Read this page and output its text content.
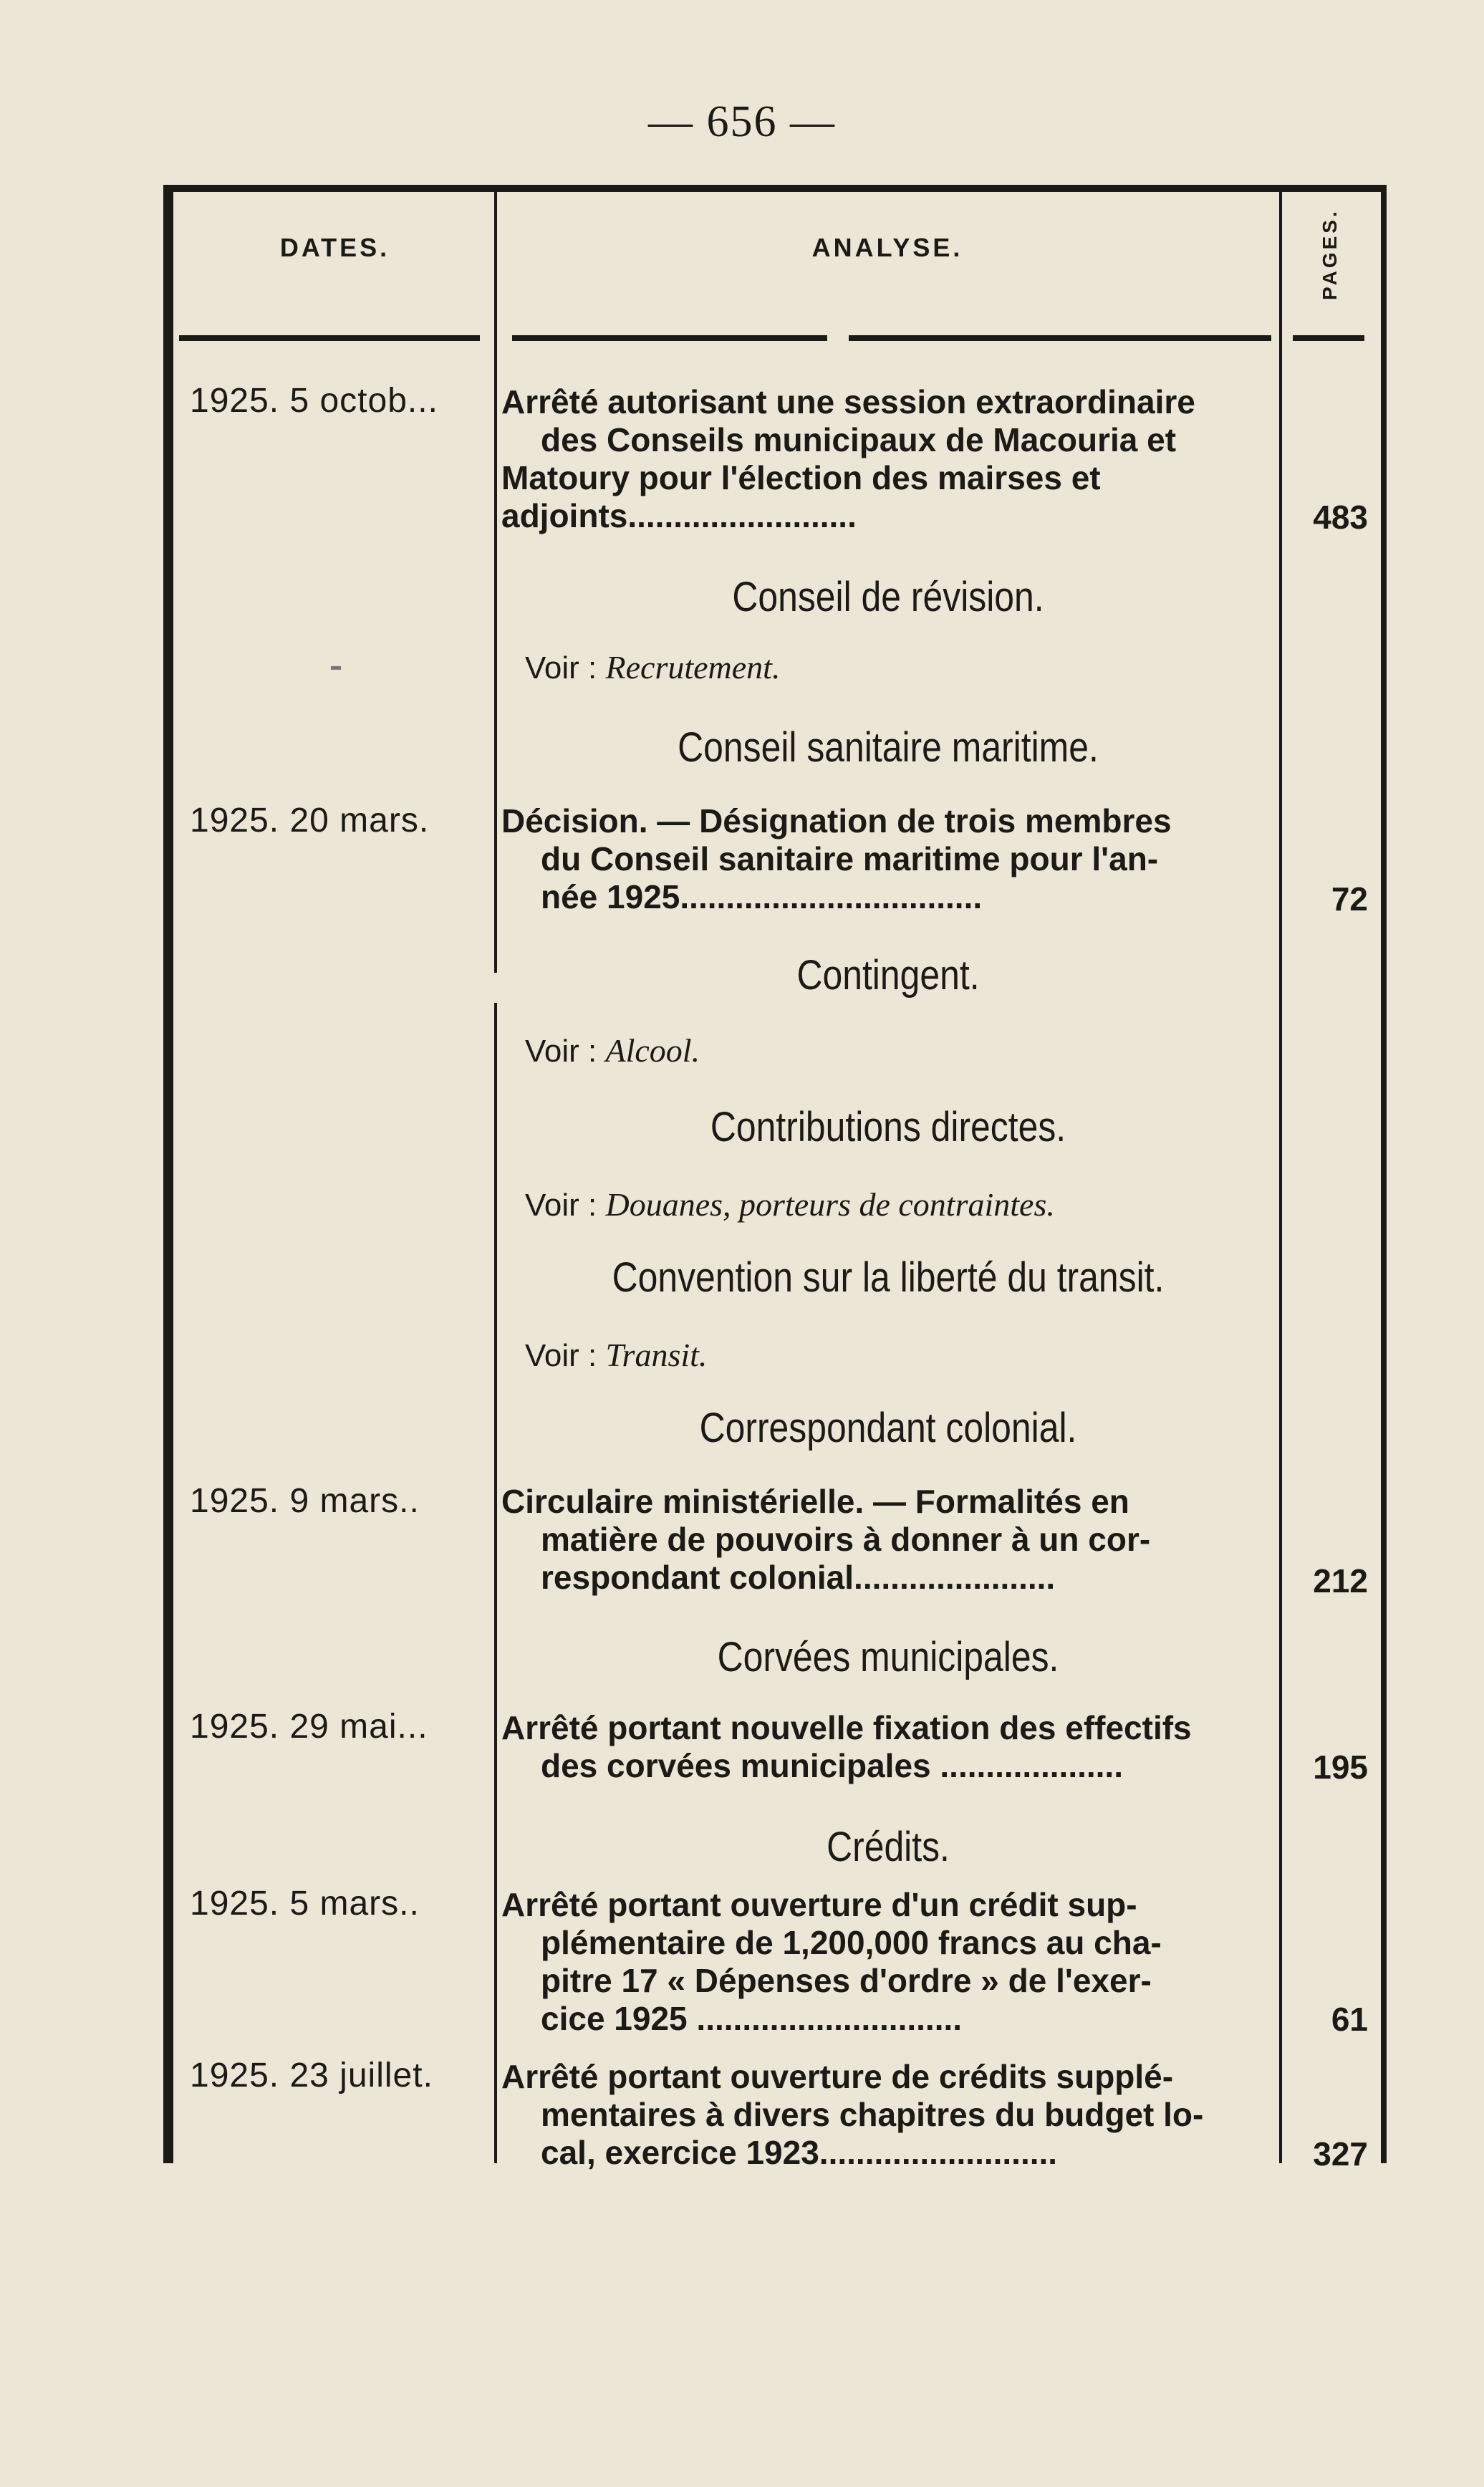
— 656 —
DATES.	ANALYSE.	PAGES.
1925. 5 octob...	Arrêté autorisant une session extraordinaire
des Conseils municipaux de Macouria et
Matoury pour l'élection des mairses et
adjoints.........................	483
Conseil de révision.
Voir : Recrutement.
Conseil sanitaire maritime.
1925. 20 mars.	Décision. — Désignation de trois membres
du Conseil sanitaire maritime pour l'an-
née 1925.................................	72
Contingent.
Voir : Alcool.
Contributions directes.
Voir : Douanes, porteurs de contraintes.
Convention sur la liberté du transit.
Voir : Transit.
Correspondant colonial.
1925. 9 mars..	Circulaire ministérielle. — Formalités en
matière de pouvoirs à donner à un cor-
respondant colonial......................	212
Corvées municipales.
1925. 29 mai...	Arrêté portant nouvelle fixation des effectifs
des corvées municipales ....................	195
Crédits.
1925. 5 mars..	Arrêté portant ouverture d'un crédit sup-
plémentaire de 1,200,000 francs au cha-
pitre 17 « Dépenses d'ordre » de l'exer-
cice 1925 .............................	61
1925. 23 juillet.	Arrêté portant ouverture de crédits supplé-
mentaires à divers chapitres du budget lo-
cal, exercice 1923..........................	327
